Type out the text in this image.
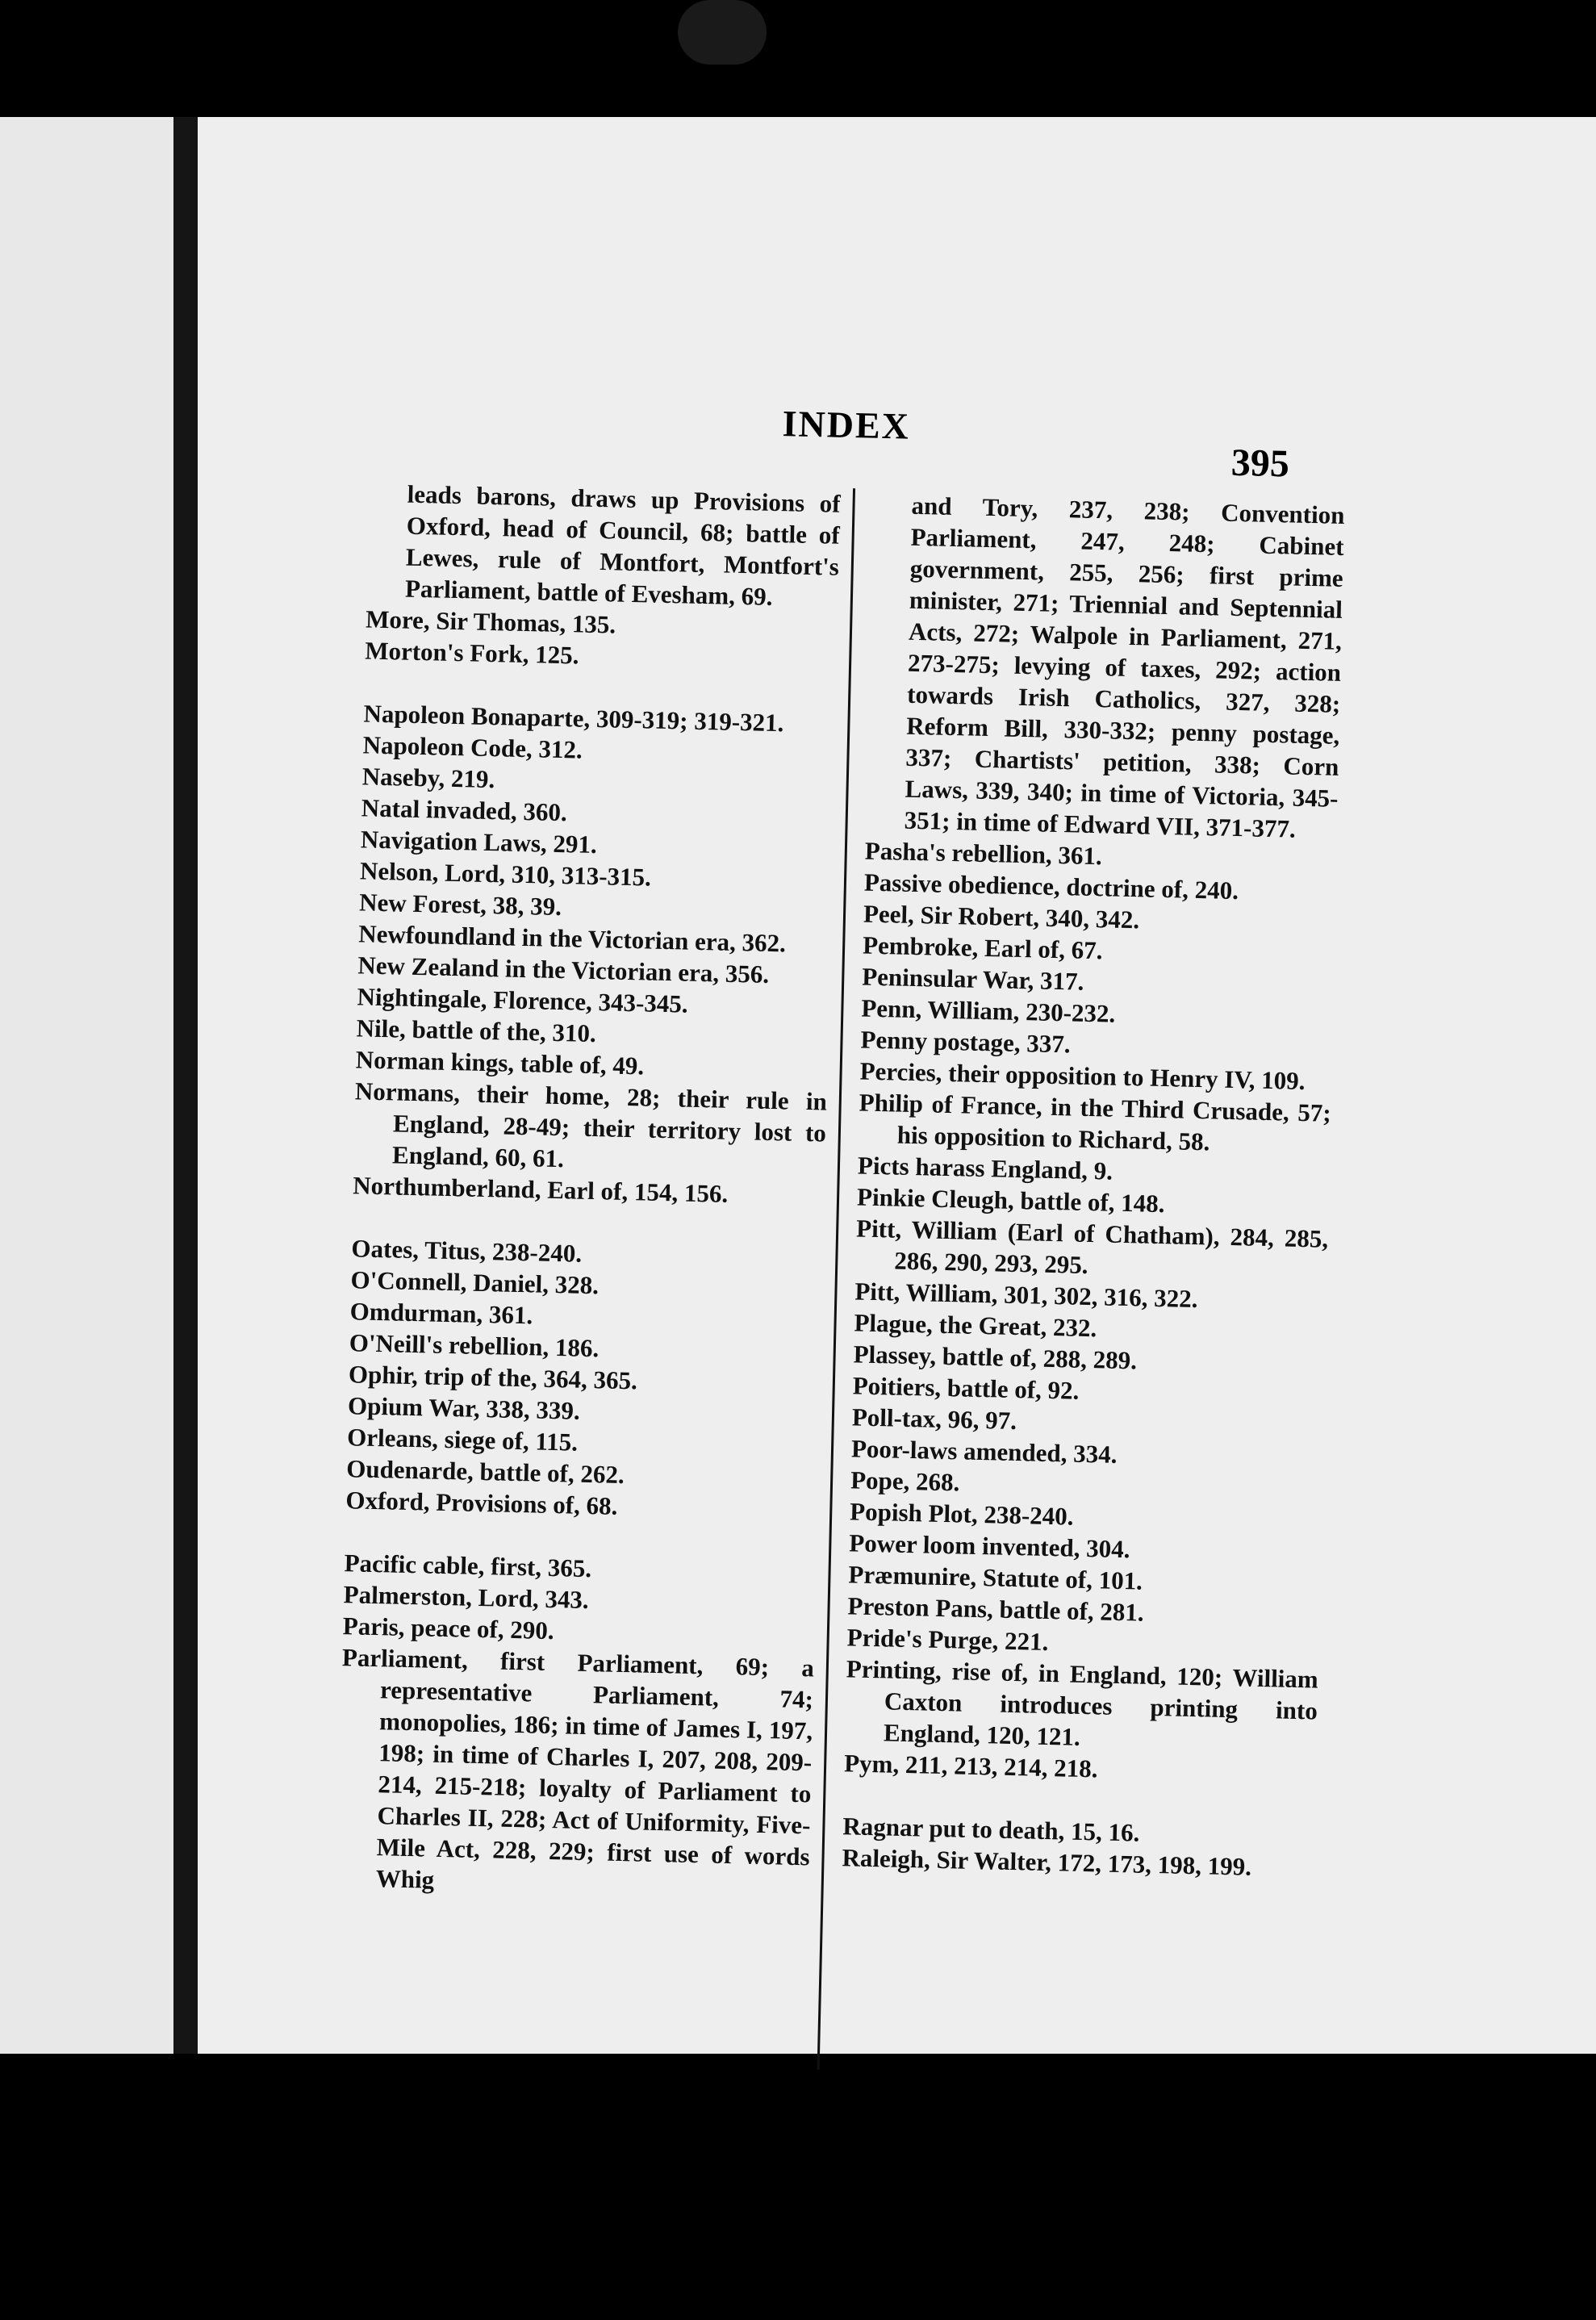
INDEX
395

leads barons, draws up Provisions of Oxford, head of Council, 68; battle of Lewes, rule of Montfort, Montfort's Parliament, battle of Evesham, 69.

More, Sir Thomas, 135.

Morton's Fork, 125.

Napoleon Bonaparte, 309-319; 319-321.

Napoleon Code, 312.

Naseby, 219.

Natal invaded, 360.

Navigation Laws, 291.

Nelson, Lord, 310, 313-315.

New Forest, 38, 39.

Newfoundland in the Victorian era, 362.

New Zealand in the Victorian era, 356.

Nightingale, Florence, 343-345.

Nile, battle of the, 310.

Norman kings, table of, 49.

Normans, their home, 28; their rule in England, 28-49; their territory lost to England, 60, 61.

Northumberland, Earl of, 154, 156.

Oates, Titus, 238-240.

O'Connell, Daniel, 328.

Omdurman, 361.

O'Neill's rebellion, 186.

Ophir, trip of the, 364, 365.

Opium War, 338, 339.

Orleans, siege of, 115.

Oudenarde, battle of, 262.

Oxford, Provisions of, 68.

Pacific cable, first, 365.

Palmerston, Lord, 343.

Paris, peace of, 290.

Parliament, first Parliament, 69; a representative Parliament, 74; monopolies, 186; in time of James I, 197, 198; in time of Charles I, 207, 208, 209-214, 215-218; loyalty of Parliament to Charles II, 228; Act of Uniformity, Five-Mile Act, 228, 229; first use of words Whig

and Tory, 237, 238; Convention Parliament, 247, 248; Cabinet government, 255, 256; first prime minister, 271; Triennial and Septennial Acts, 272; Walpole in Parliament, 271, 273-275; levying of taxes, 292; action towards Irish Catholics, 327, 328; Reform Bill, 330-332; penny postage, 337; Chartists' petition, 338; Corn Laws, 339, 340; in time of Victoria, 345-351; in time of Edward VII, 371-377.

Pasha's rebellion, 361.

Passive obedience, doctrine of, 240.

Peel, Sir Robert, 340, 342.

Pembroke, Earl of, 67.

Peninsular War, 317.

Penn, William, 230-232.

Penny postage, 337.

Percies, their opposition to Henry IV, 109.

Philip of France, in the Third Crusade, 57; his opposition to Richard, 58.

Picts harass England, 9.

Pinkie Cleugh, battle of, 148.

Pitt, William (Earl of Chatham), 284, 285, 286, 290, 293, 295.

Pitt, William, 301, 302, 316, 322.

Plague, the Great, 232.

Plassey, battle of, 288, 289.

Poitiers, battle of, 92.

Poll-tax, 96, 97.

Poor-laws amended, 334.

Pope, 268.

Popish Plot, 238-240.

Power loom invented, 304.

Præmunire, Statute of, 101.

Preston Pans, battle of, 281.

Pride's Purge, 221.

Printing, rise of, in England, 120; William Caxton introduces printing into England, 120, 121.

Pym, 211, 213, 214, 218.

Ragnar put to death, 15, 16.

Raleigh, Sir Walter, 172, 173, 198, 199.
